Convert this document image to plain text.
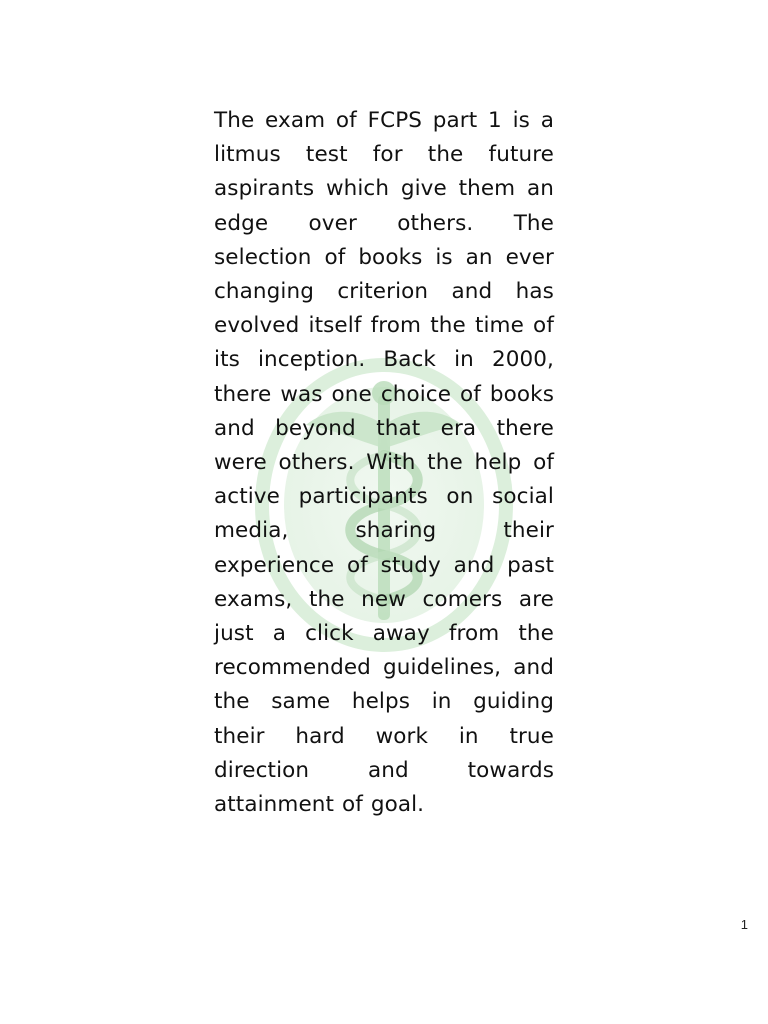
The exam of FCPS part 1 is a litmus test for the future aspirants which give them an edge over others. The selection of books is an ever changing criterion and has evolved itself from the time of its inception. Back in 2000, there was one choice of books and beyond that era there were others. With the help of active participants on social media, sharing their experience of study and past exams, the new comers are just a click away from the recommended guidelines, and the same helps in guiding their hard work in true direction and towards attainment of goal.

1
